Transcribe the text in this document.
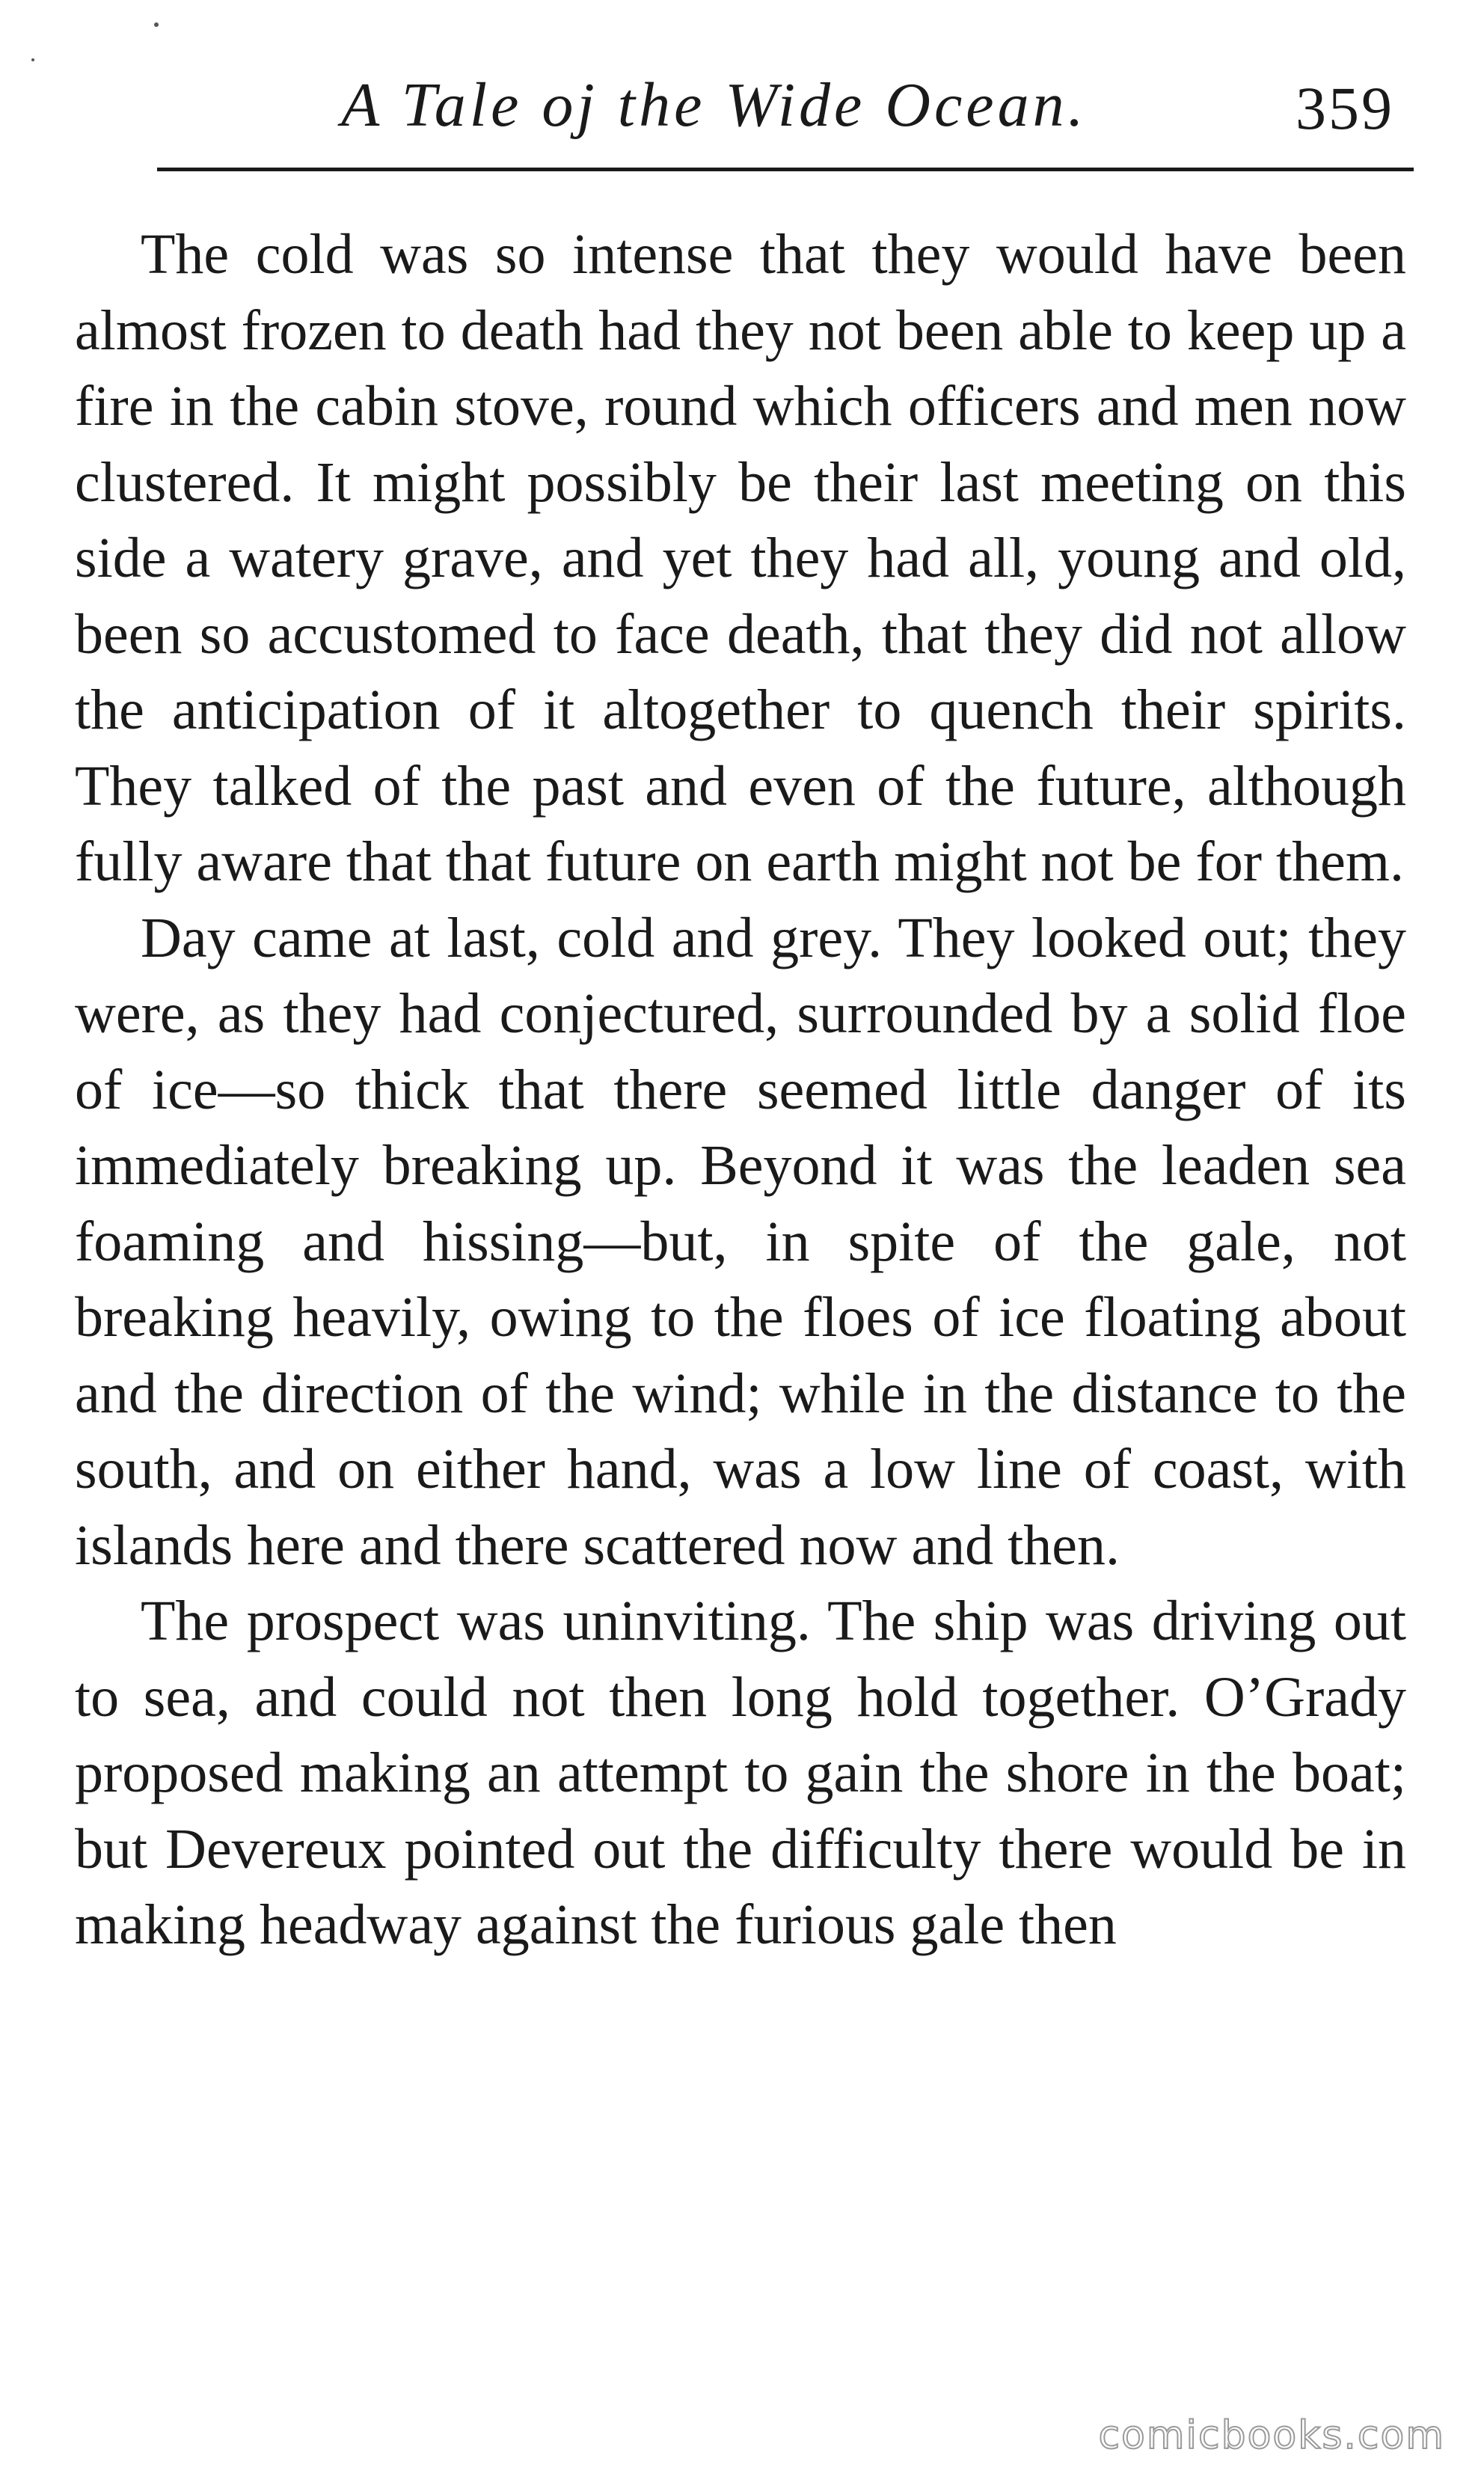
A Tale oj the Wide Ocean.	359

The cold was so intense that they would have been almost frozen to death had they not been able to keep up a fire in the cabin stove, round which officers and men now clustered. It might possibly be their last meeting on this side a watery grave, and yet they had all, young and old, been so accustomed to face death, that they did not allow the anticipation of it altogether to quench their spirits. They talked of the past and even of the future, although fully aware that that future on earth might not be for them.

Day came at last, cold and grey. They looked out; they were, as they had conjectured, surrounded by a solid floe of ice—so thick that there seemed little danger of its immediately breaking up. Beyond it was the leaden sea foaming and hissing—but, in spite of the gale, not breaking heavily, owing to the floes of ice floating about and the direction of the wind; while in the distance to the south, and on either hand, was a low line of coast, with islands here and there scattered now and then.

The prospect was uninviting. The ship was driving out to sea, and could not then long hold together. O’Grady proposed making an attempt to gain the shore in the boat; but Devereux pointed out the difficulty there would be in making headway against the furious gale then

comicbooks.com
